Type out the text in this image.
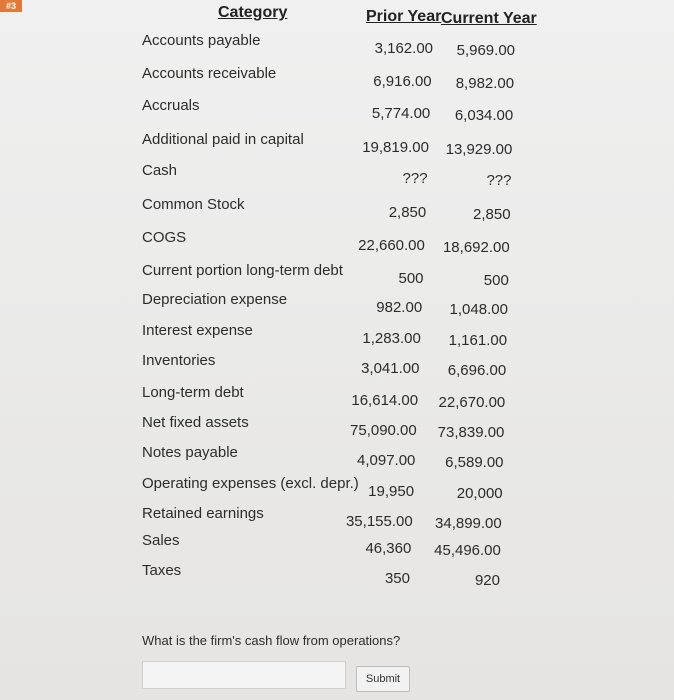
#3	Category	Prior Year Current Year
Accounts payable	3,162.00	5,969.00
Accounts receivable	6,916.00	8,982.00
Accruals	5,774.00	6,034.00
Additional paid in capital	19,819.00	13,929.00
Cash	???	???
Common Stock	2,850	2,850
COGS	22,660.00	18,692.00
Current portion long-term debt	500	500
Depreciation expense	982.00	1,048.00
Interest expense	1,283.00	1,161.00
Inventories	3,041.00	6,696.00
Long-term debt	16,614.00	22,670.00
Net fixed assets	75,090.00	73,839.00
Notes payable	4,097.00	6,589.00
Operating expenses (excl. depr.) 19,950	20,000
Retained earnings	35,155.00	34,899.00
Sales	46,360	45,496.00
Taxes	350	920
What is the firm's cash flow from operations?
Submit
